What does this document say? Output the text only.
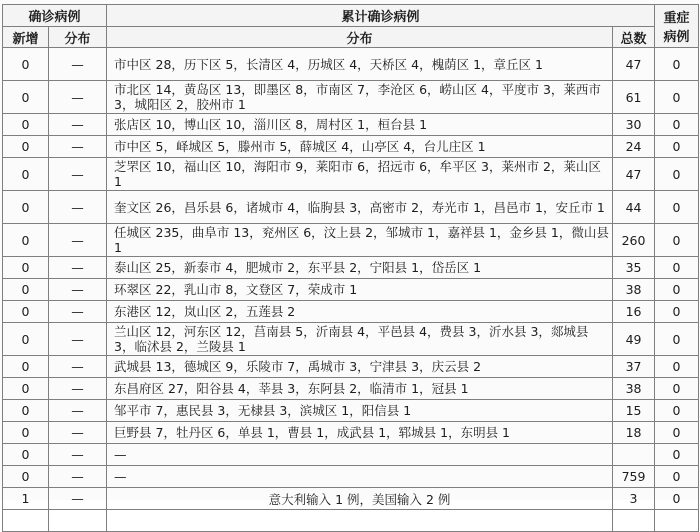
确诊病例		累计确诊病例		重症
病例
新增	分布	分布	总数	
0	—	市中区 28，历下区 5，长清区 4，历城区 4，天桥区 4，槐荫区 1，章丘区 1	47	0
0	—	市北区 14，黄岛区 13，即墨区 8，市南区 7，李沧区 6，崂山区 4，平度市 3，莱西市 3，城阳区 2，胶州市 1	61	0
0	—	张店区 10，博山区 10，淄川区 8，周村区 1，桓台县 1	30	0
0	—	市中区 5，峄城区 5，滕州市 5，薛城区 4，山亭区 4，台儿庄区 1	24	0
0	—	芝罘区 10，福山区 10，海阳市 9，莱阳市 6，招远市 6，牟平区 3，莱州市 2，莱山区 1	47	0
0	—	奎文区 26，昌乐县 6，诸城市 4，临朐县 3，高密市 2，寿光市 1，昌邑市 1，安丘市 1	44	0
0	—	任城区 235，曲阜市 13，兖州区 6，汶上县 2，邹城市 1，嘉祥县 1，金乡县 1，微山县 1	260	0
0	—	泰山区 25，新泰市 4，肥城市 2，东平县 2，宁阳县 1，岱岳区 1	35	0
0	—	环翠区 22，乳山市 8，文登区 7，荣成市 1	38	0
0	—	东港区 12，岚山区 2，五莲县 2	16	0
0	—	兰山区 12，河东区 12，莒南县 5，沂南县 4，平邑县 4，费县 3，沂水县 3，郯城县 3，临沭县 2，兰陵县 1	49	0
0	—	武城县 13，德城区 9，乐陵市 7，禹城市 3，宁津县 3，庆云县 2	37	0
0	—	东昌府区 27，阳谷县 4，莘县 3，东阿县 2，临清市 1，冠县 1	38	0
0	—	邹平市 7，惠民县 3，无棣县 3，滨城区 1，阳信县 1	15	0
0	—	巨野县 7，牡丹区 6，单县 1，曹县 1，成武县 1，郓城县 1，东明县 1	18	0
0	—	—		0
0	—	—	759	0
1	—	意大利输入 1 例，美国输入 2 例	3	0
